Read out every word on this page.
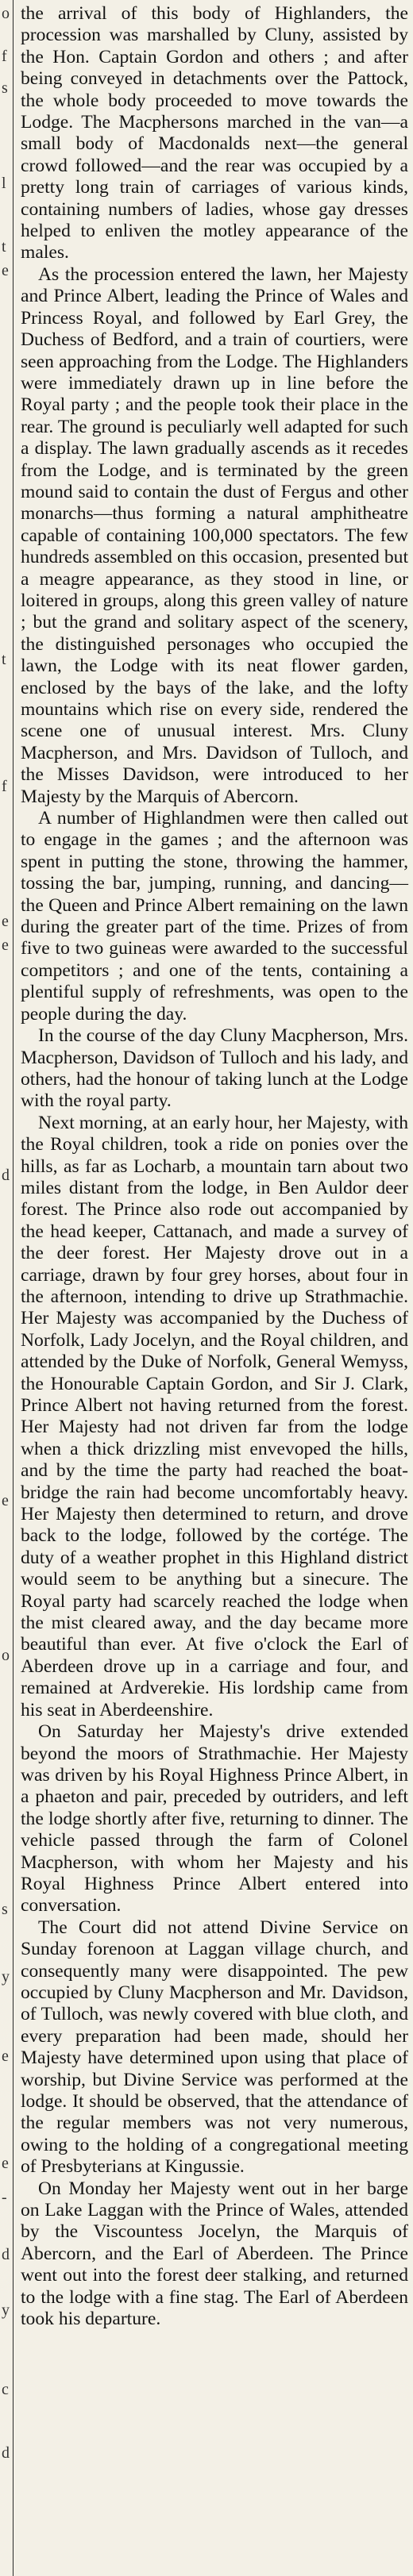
o
f
s
l
t
e
t
f
e
e
d
e
o
s
y
e
e
-
d
y
c
d

the arrival of this body of Highlanders, the procession was marshalled by Cluny, assisted by the Hon. Captain Gordon and others ; and after being conveyed in detachments over the Pattock, the whole body proceeded to move towards the Lodge. The Macphersons marched in the van—a small body of Macdonalds next—the general crowd followed—and the rear was occupied by a pretty long train of carriages of various kinds, containing numbers of ladies, whose gay dresses helped to enliven the motley appearance of the males.

As the procession entered the lawn, her Majesty and Prince Albert, leading the Prince of Wales and Princess Royal, and followed by Earl Grey, the Duchess of Bedford, and a train of courtiers, were seen approaching from the Lodge. The Highlanders were immediately drawn up in line before the Royal party ; and the people took their place in the rear. The ground is peculiarly well adapted for such a display. The lawn gradually ascends as it recedes from the Lodge, and is terminated by the green mound said to contain the dust of Fergus and other monarchs—thus forming a natural amphitheatre capable of containing 100,000 spectators. The few hundreds assembled on this occasion, presented but a meagre appearance, as they stood in line, or loitered in groups, along this green valley of nature ; but the grand and solitary aspect of the scenery, the distinguished personages who occupied the lawn, the Lodge with its neat flower garden, enclosed by the bays of the lake, and the lofty mountains which rise on every side, rendered the scene one of unusual interest. Mrs. Cluny Macpherson, and Mrs. Davidson of Tulloch, and the Misses Davidson, were introduced to her Majesty by the Marquis of Abercorn.

A number of Highlandmen were then called out to engage in the games ; and the afternoon was spent in putting the stone, throwing the hammer, tossing the bar, jumping, running, and dancing—the Queen and Prince Albert remaining on the lawn during the greater part of the time. Prizes of from five to two guineas were awarded to the successful competitors ; and one of the tents, containing a plentiful supply of refreshments, was open to the people during the day.

In the course of the day Cluny Macpherson, Mrs. Macpherson, Davidson of Tulloch and his lady, and others, had the honour of taking lunch at the Lodge with the royal party.

Next morning, at an early hour, her Majesty, with the Royal children, took a ride on ponies over the hills, as far as Locharb, a mountain tarn about two miles distant from the lodge, in Ben Auldor deer forest. The Prince also rode out accompanied by the head keeper, Cattanach, and made a survey of the deer forest. Her Majesty drove out in a carriage, drawn by four grey horses, about four in the afternoon, intending to drive up Strathmachie. Her Majesty was accompanied by the Duchess of Norfolk, Lady Jocelyn, and the Royal children, and attended by the Duke of Norfolk, General Wemyss, the Honourable Captain Gordon, and Sir J. Clark, Prince Albert not having returned from the forest. Her Majesty had not driven far from the lodge when a thick drizzling mist envevoped the hills, and by the time the party had reached the boat-bridge the rain had become uncomfortably heavy. Her Majesty then determined to return, and drove back to the lodge, followed by the cortége. The duty of a weather prophet in this Highland district would seem to be anything but a sinecure. The Royal party had scarcely reached the lodge when the mist cleared away, and the day became more beautiful than ever. At five o'clock the Earl of Aberdeen drove up in a carriage and four, and remained at Ardverekie. His lordship came from his seat in Aberdeenshire.

On Saturday her Majesty's drive extended beyond the moors of Strathmachie. Her Majesty was driven by his Royal Highness Prince Albert, in a phaeton and pair, preceded by outriders, and left the lodge shortly after five, returning to dinner. The vehicle passed through the farm of Colonel Macpherson, with whom her Majesty and his Royal Highness Prince Albert entered into conversation.

The Court did not attend Divine Service on Sunday forenoon at Laggan village church, and consequently many were disappointed. The pew occupied by Cluny Macpherson and Mr. Davidson, of Tulloch, was newly covered with blue cloth, and every preparation had been made, should her Majesty have determined upon using that place of worship, but Divine Service was performed at the lodge. It should be observed, that the attendance of the regular members was not very numerous, owing to the holding of a congregational meeting of Presbyterians at Kingussie.

On Monday her Majesty went out in her barge on Lake Laggan with the Prince of Wales, attended by the Viscountess Jocelyn, the Marquis of Abercorn, and the Earl of Aberdeen. The Prince went out into the forest deer stalking, and returned to the lodge with a fine stag. The Earl of Aberdeen took his departure.
